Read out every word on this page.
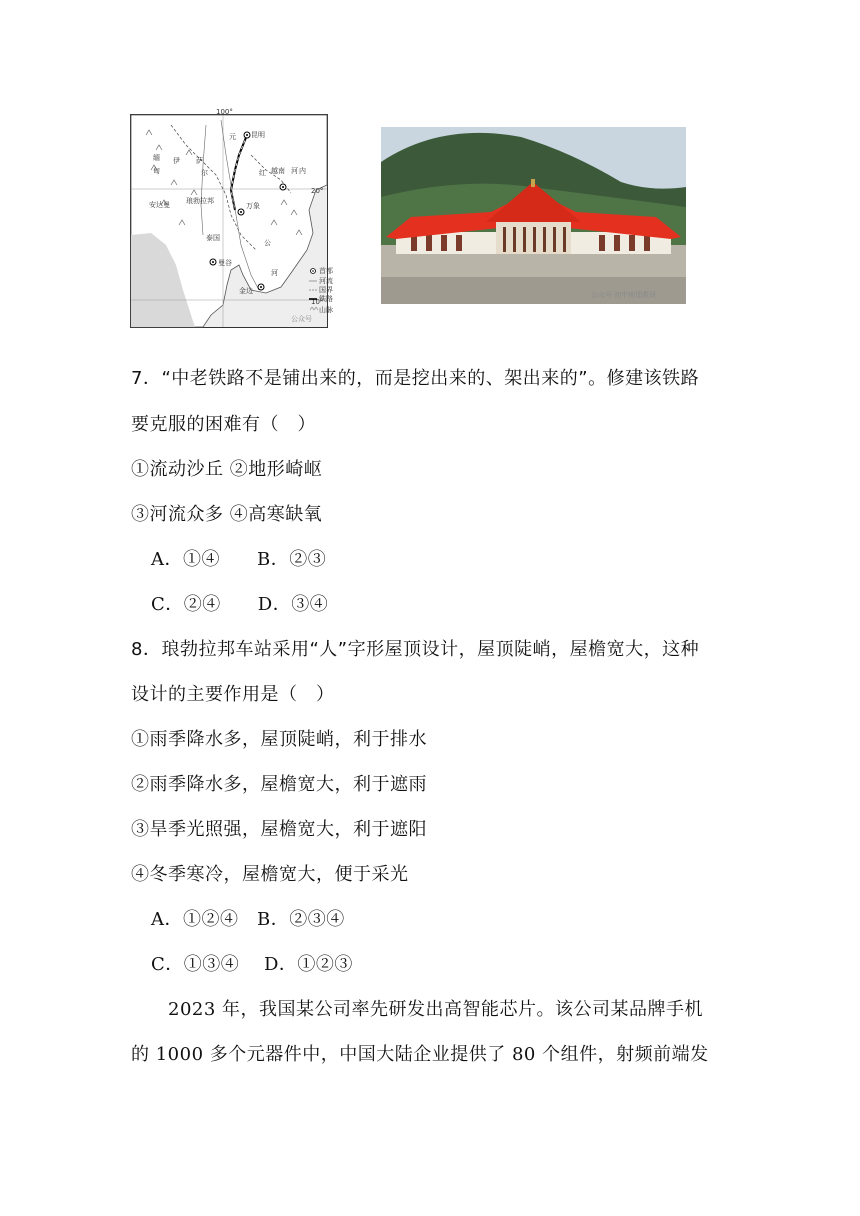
100°
20°
10°
昆明
元
缅
甸
伊 萨
尔	红 越南 河 内
安达曼 琅勃拉邦
万象
泰国
曼谷
金边
公
河	首都
河流
国界
铁路
山脉
公众号
公众号·初中地理教研
7．“中老铁路不是铺出来的，而是挖出来的、架出来的”。修建该铁路
要克服的困难有（　）
①流动沙丘 ②地形崎岖
③河流众多 ④高寒缺氧
A．①④　　B．②③
C．②④　　D．③④
8．琅勃拉邦车站采用“人”字形屋顶设计，屋顶陡峭，屋檐宽大，这种
设计的主要作用是（　）
①雨季降水多，屋顶陡峭，利于排水
②雨季降水多，屋檐宽大，利于遮雨
③旱季光照强，屋檐宽大，利于遮阳
④冬季寒冷，屋檐宽大，便于采光
A．①②④　B．②③④
C．①③④　 D．①②③
　　2023 年，我国某公司率先研发出高智能芯片。该公司某品牌手机
的 1000 多个元器件中，中国大陆企业提供了 80 个组件，射频前端发
